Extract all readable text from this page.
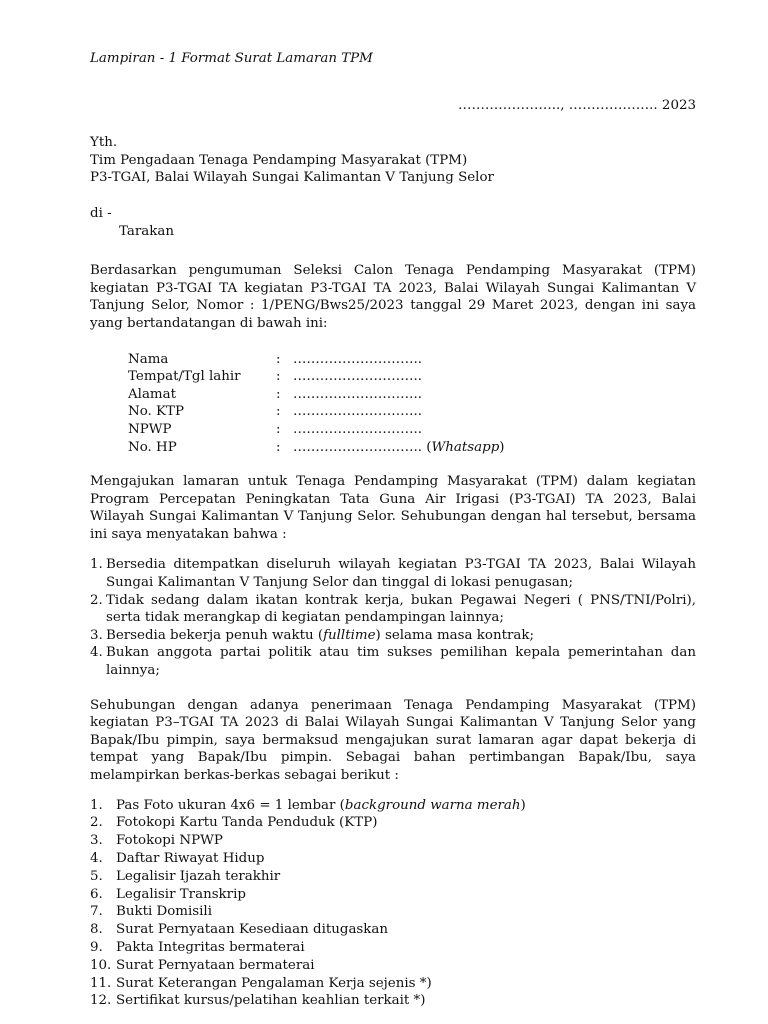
Lampiran - 1 Format Surat Lamaran TPM

………………….., ……………….. 2023

Yth.

Tim Pengadaan Tenaga Pendamping Masyarakat (TPM)

P3-TGAI, Balai Wilayah Sungai Kalimantan V Tanjung Selor

di -

Tarakan

Berdasarkan pengumuman Seleksi Calon Tenaga Pendamping Masyarakat (TPM) kegiatan P3-TGAI TA kegiatan P3-TGAI TA 2023, Balai Wilayah Sungai Kalimantan V Tanjung Selor, Nomor : 1/PENG/Bws25/2023 tanggal 29 Maret 2023, dengan ini saya yang bertandatangan di bawah ini:

Nama	: ………………………..
Tempat/Tgl lahir	: ………………………..
Alamat	: ………………………..
No. KTP	: ………………………..
NPWP	: ………………………..
No. HP	: ……………………….. (Whatsapp)

Mengajukan lamaran untuk Tenaga Pendamping Masyarakat (TPM) dalam kegiatan Program Percepatan Peningkatan Tata Guna Air Irigasi (P3-TGAI) TA 2023, Balai Wilayah Sungai Kalimantan V Tanjung Selor. Sehubungan dengan hal tersebut, bersama ini saya menyatakan bahwa :

1. Bersedia ditempatkan diseluruh wilayah kegiatan P3-TGAI TA 2023, Balai Wilayah Sungai Kalimantan V Tanjung Selor dan tinggal di lokasi penugasan;
2. Tidak sedang dalam ikatan kontrak kerja, bukan Pegawai Negeri ( PNS/TNI/Polri), serta tidak merangkap di kegiatan pendampingan lainnya;
3. Bersedia bekerja penuh waktu (fulltime) selama masa kontrak;
4. Bukan anggota partai politik atau tim sukses pemilihan kepala pemerintahan dan lainnya;

Sehubungan dengan adanya penerimaan Tenaga Pendamping Masyarakat (TPM) kegiatan P3–TGAI TA 2023 di Balai Wilayah Sungai Kalimantan V Tanjung Selor yang Bapak/Ibu pimpin, saya bermaksud mengajukan surat lamaran agar dapat bekerja di tempat yang Bapak/Ibu pimpin. Sebagai bahan pertimbangan Bapak/Ibu, saya melampirkan berkas-berkas sebagai berikut :

1. Pas Foto ukuran 4x6 = 1 lembar (background warna merah)
2. Fotokopi Kartu Tanda Penduduk (KTP)
3. Fotokopi NPWP
4. Daftar Riwayat Hidup
5. Legalisir Ijazah terakhir
6. Legalisir Transkrip
7. Bukti Domisili
8. Surat Pernyataan Kesediaan ditugaskan
9. Pakta Integritas bermaterai
10. Surat Pernyataan bermaterai
11. Surat Keterangan Pengalaman Kerja sejenis *)
12. Sertifikat kursus/pelatihan keahlian terkait *)
